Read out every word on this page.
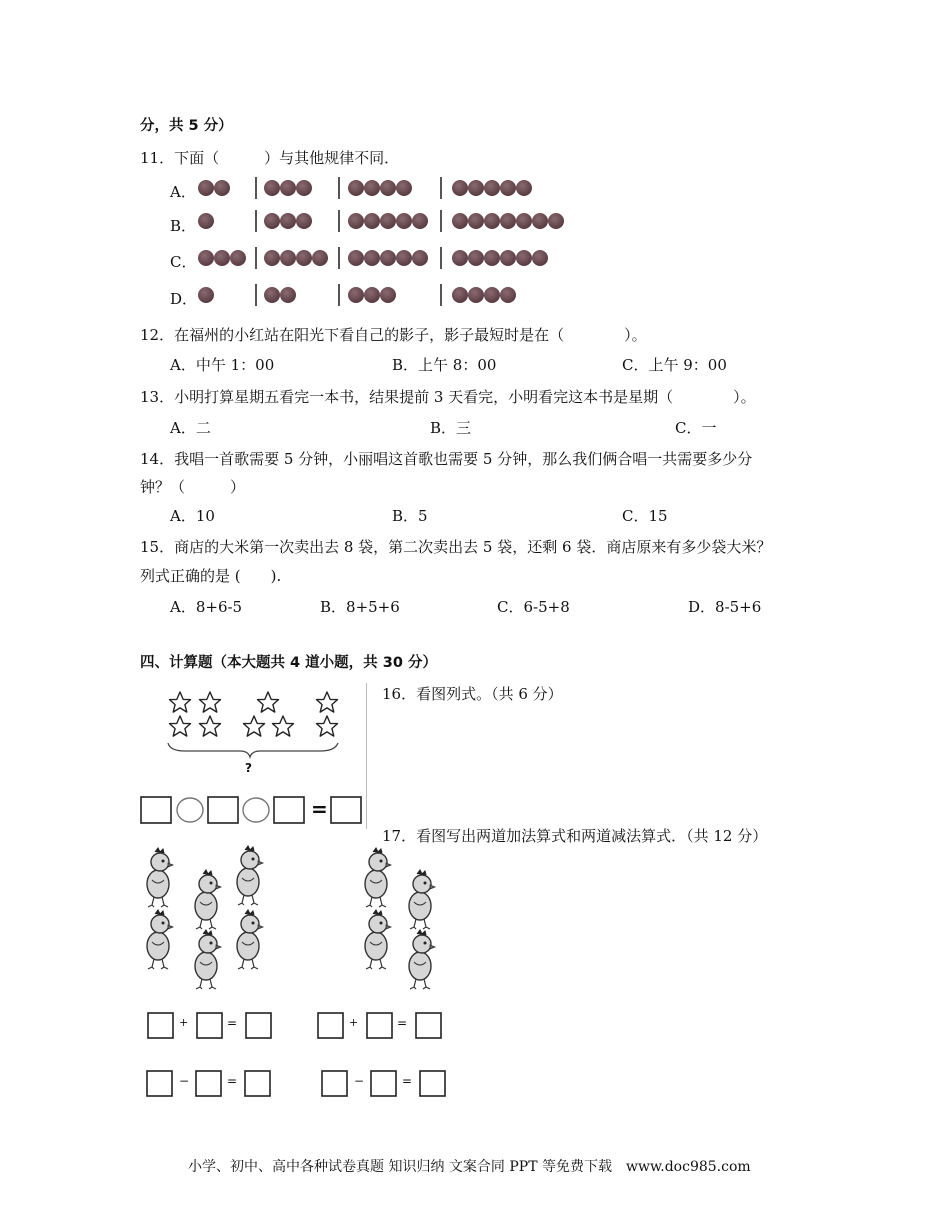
分，共 5 分）
11．下面（　　　）与其他规律不同．
A．
B．
C．
D．
12．在福州的小红站在阳光下看自己的影子，影子最短时是在（　　　　）。
A．中午 1：00	B．上午 8：00	C．上午 9：00
13．小明打算星期五看完一本书，结果提前 3 天看完，小明看完这本书是星期（　　　　）。
A．二	B．三	C．一
14．我唱一首歌需要 5 分钟，小丽唱这首歌也需要 5 分钟，那么我们俩合唱一共需要多少分
钟？（　　　）
A．10	B．5	C．15
15．商店的大米第一次卖出去 8 袋，第二次卖出去 5 袋，还剩 6 袋．商店原来有多少袋大米？
列式正确的是 (　　).
A．8+6-5	B．8+5+6	C．6-5+8	D．8-5+6
四、计算题（本大题共 4 道小题，共 30 分）
?
=
16．看图列式。（共 6 分）
17．看图写出两道加法算式和两道减法算式．（共 12 分）
+	=	+	=
−	=	−	=
小学、初中、高中各种试卷真题 知识归纳 文案合同 PPT 等免费下载　www.doc985.com
